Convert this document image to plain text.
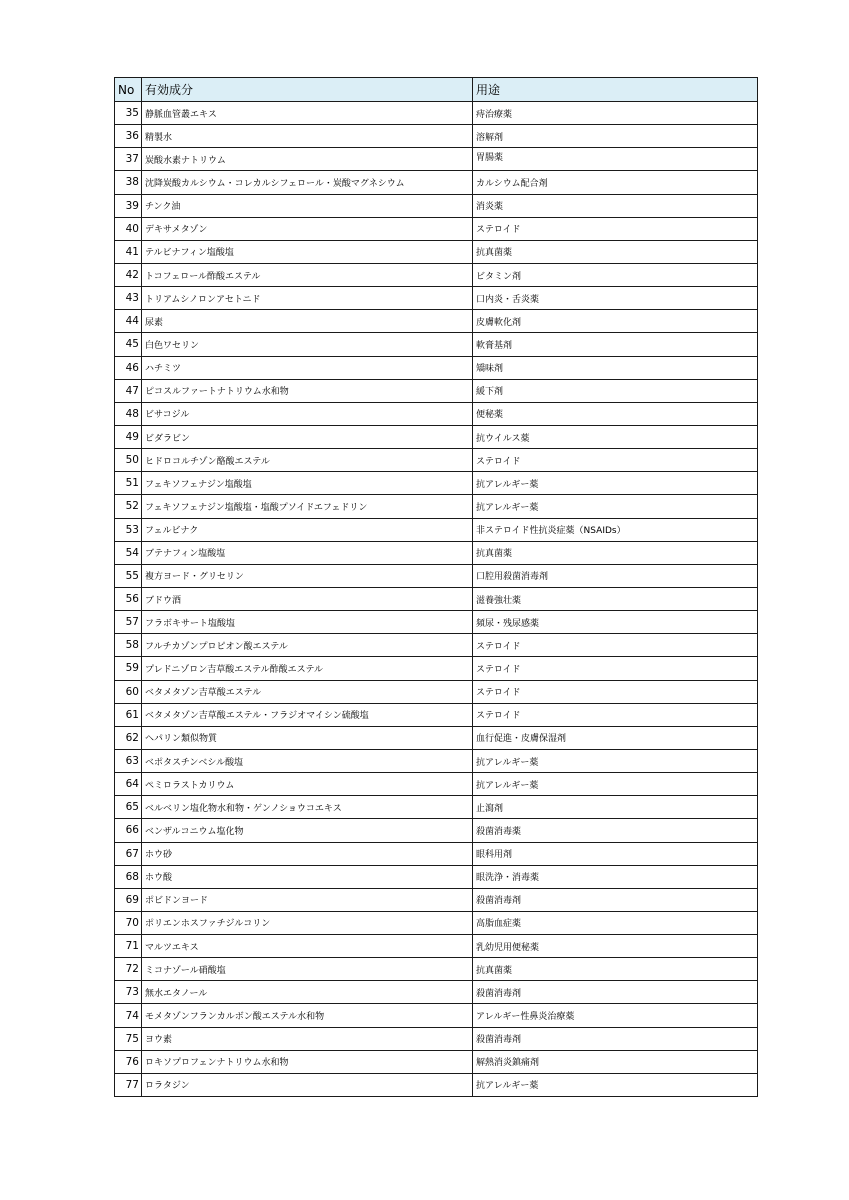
No	有効成分	用途
35	静脈血管叢エキス	痔治療薬
36	精製水	溶解剤
37	炭酸水素ナトリウム	胃腸薬
38	沈降炭酸カルシウム・コレカルシフェロール・炭酸マグネシウム	カルシウム配合剤
39	チンク油	消炎薬
40	デキサメタゾン	ステロイド
41	テルビナフィン塩酸塩	抗真菌薬
42	トコフェロール酢酸エステル	ビタミン剤
43	トリアムシノロンアセトニド	口内炎・舌炎薬
44	尿素	皮膚軟化剤
45	白色ワセリン	軟膏基剤
46	ハチミツ	矯味剤
47	ピコスルファートナトリウム水和物	緩下剤
48	ビサコジル	便秘薬
49	ビダラビン	抗ウイルス薬
50	ヒドロコルチゾン酪酸エステル	ステロイド
51	フェキソフェナジン塩酸塩	抗アレルギー薬
52	フェキソフェナジン塩酸塩・塩酸プソイドエフェドリン	抗アレルギー薬
53	フェルビナク	非ステロイド性抗炎症薬（NSAIDs）
54	ブテナフィン塩酸塩	抗真菌薬
55	複方ヨード・グリセリン	口腔用殺菌消毒剤
56	ブドウ酒	滋養強壮薬
57	フラボキサート塩酸塩	頻尿・残尿感薬
58	フルチカゾンプロピオン酸エステル	ステロイド
59	プレドニゾロン吉草酸エステル酢酸エステル	ステロイド
60	ベタメタゾン吉草酸エステル	ステロイド
61	ベタメタゾン吉草酸エステル・フラジオマイシン硫酸塩	ステロイド
62	ヘパリン類似物質	血行促進・皮膚保湿剤
63	ベポタスチンベシル酸塩	抗アレルギー薬
64	ペミロラストカリウム	抗アレルギー薬
65	ベルベリン塩化物水和物・ゲンノショウコエキス	止瀉剤
66	ベンザルコニウム塩化物	殺菌消毒薬
67	ホウ砂	眼科用剤
68	ホウ酸	眼洗浄・消毒薬
69	ポビドンヨード	殺菌消毒剤
70	ポリエンホスファチジルコリン	高脂血症薬
71	マルツエキス	乳幼児用便秘薬
72	ミコナゾール硝酸塩	抗真菌薬
73	無水エタノール	殺菌消毒剤
74	モメタゾンフランカルボン酸エステル水和物	アレルギー性鼻炎治療薬
75	ヨウ素	殺菌消毒剤
76	ロキソプロフェンナトリウム水和物	解熱消炎鎮痛剤
77	ロラタジン	抗アレルギー薬
